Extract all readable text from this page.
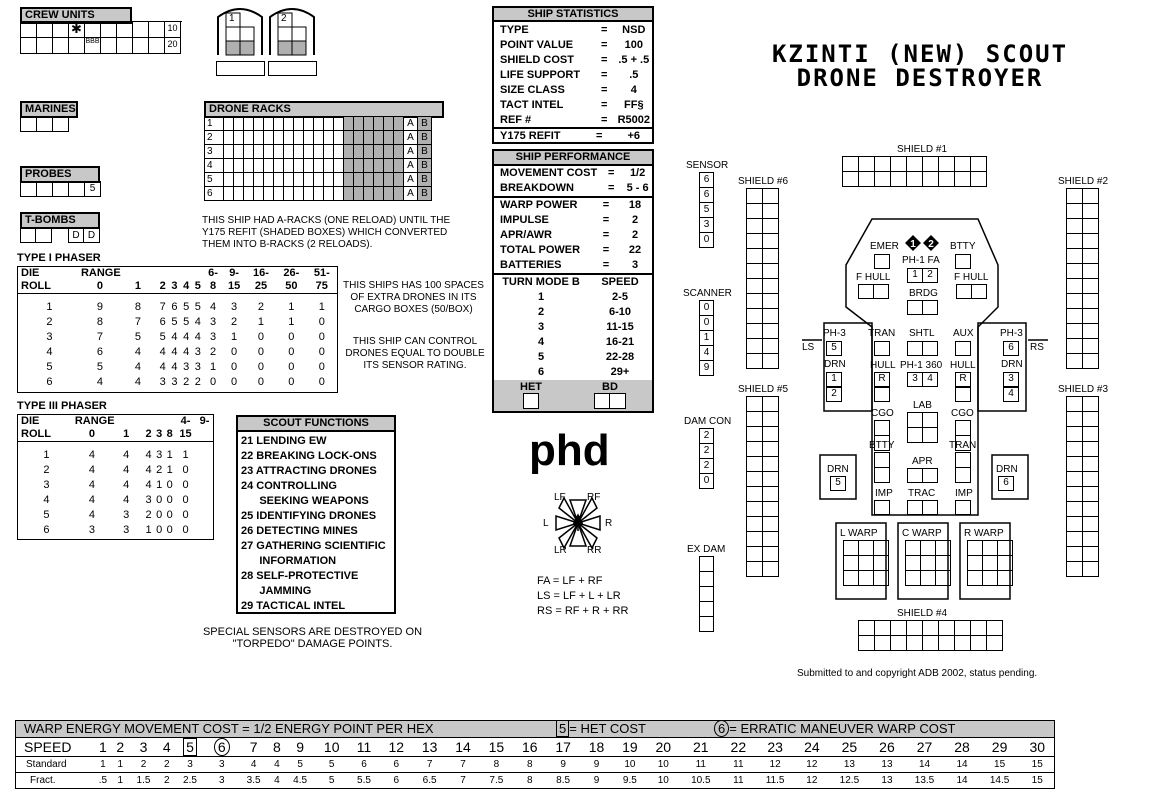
CREW UNITS
✱	10
BBB	20
1	2
MARINES
PROBES
5
T-BOMBS
D D
DRONE RACKS
1																			A	B
2																			A	B
3																			A	B
4																			A	B
5																			A	B
6																			A	B
THIS SHIP HAD A-RACKS (ONE RELOAD) UNTIL THE Y175 REFIT (SHADED BOXES) WHICH CONVERTED THEM INTO B-RACKS (2 RELOADS).
TYPE I PHASER
DIE	RANGE						6-	9-	16-	26-	51-
ROLL	0	1	2	3	4	5	8	15	25	50	75

1	9	8	7	6	5	5	4	3	2	1	1
2	8	7	6	5	5	4	3	2	1	1	0
3	7	5	5	4	4	4	3	1	0	0	0
4	6	4	4	4	4	3	2	0	0	0	0
5	5	4	4	4	3	3	1	0	0	0	0
6	4	4	3	3	2	2	0	0	0	0	0
TYPE III PHASER
DIE	RANGE					4-	9-
ROLL	0	1	2	3	8	15	

1	4	4	4	3	1	1	
2	4	4	4	2	1	0	
3	4	4	4	1	0	0	
4	4	4	3	0	0	0	
5	4	3	2	0	0	0	
6	3	3	1	0	0	0	
THIS SHIPS HAS 100 SPACES OF EXTRA DRONES IN ITS CARGO BOXES (50/BOX)
THIS SHIP CAN CONTROL DRONES EQUAL TO DOUBLE ITS SENSOR RATING.
SCOUT FUNCTIONS
21 LENDING EW
22 BREAKING LOCK-ONS
23 ATTRACTING DRONES
24 CONTROLLING
SEEKING WEAPONS
25 IDENTIFYING DRONES
26 DETECTING MINES
27 GATHERING SCIENTIFIC
INFORMATION
28 SELF-PROTECTIVE
JAMMING
29 TACTICAL INTEL
SPECIAL SENSORS ARE DESTROYED ON "TORPEDO" DAMAGE POINTS.
SHIP STATISTICS
TYPE	=	NSD
POINT VALUE	=	100
SHIELD COST	=	.5 + .5
LIFE SUPPORT	=	.5
SIZE CLASS	=	4
TACT INTEL	=	FF§
REF #	=	R5002
Y175 REFIT	=	+6
SHIP PERFORMANCE
MOVEMENT COST	=	1/2
BREAKDOWN	=	5 - 6
WARP POWER	=	18
IMPULSE	=	2
APR/AWR	=	2
TOTAL POWER	=	22
BATTERIES	=	3
TURN MODE B	SPEED
1	2-5
2	6-10
3	11-15
4	16-21
5	22-28
6	29+
HET	BD
phd
LF RF
L	R
LR RR
FA = LF + RF
LS = LF + L + LR
RS = RF + R + RR
KZINTI (NEW) SCOUT
DRONE DESTROYER
SENSOR
6
6
5
3
0
SCANNER
0
0
1
4
9
DAM CON
2
2
2
0
EX DAM
SHIELD #1
SHIELD #4
SHIELD #6	SHIELD #2
SHIELD #5	SHIELD #3
EMER 1 2
PH-1 FA
1 2
BTTY
F HULL	F HULL
BRDG
PH-3
5
LS
DRN
1
2
PH-3
6	RS
DRN
3
4
TRAN SHTL AUX
HULL
R
PH-1 360
3 4
HULL
R
LAB
CGO	CGO
BTTY	TRAN
APR
DRN
5
DRN
6
IMP TRAC IMP
L WARP C WARP R WARP
Submitted to and copyright ADB 2002, status pending.
WARP ENERGY MOVEMENT COST = 1/2 ENERGY POINT PER HEX	5 = HET COST	6 = ERRATIC MANEUVER WARP COST
SPEED	1	2	3	4	5	6	7	8	9	10	11	12	13	14	15	16	17	18	19	20	21	22	23	24	25	26	27	28	29	30
Standard	1	1	2	2	3	3	4	4	5	5	6	6	7	7	8	8	9	9	10	10	11	11	12	12	13	13	14	14	15	15
Fract.	.5	1	1.5	2	2.5	3	3.5	4	4.5	5	5.5	6	6.5	7	7.5	8	8.5	9	9.5	10	10.5	11	11.5	12	12.5	13	13.5	14	14.5	15
